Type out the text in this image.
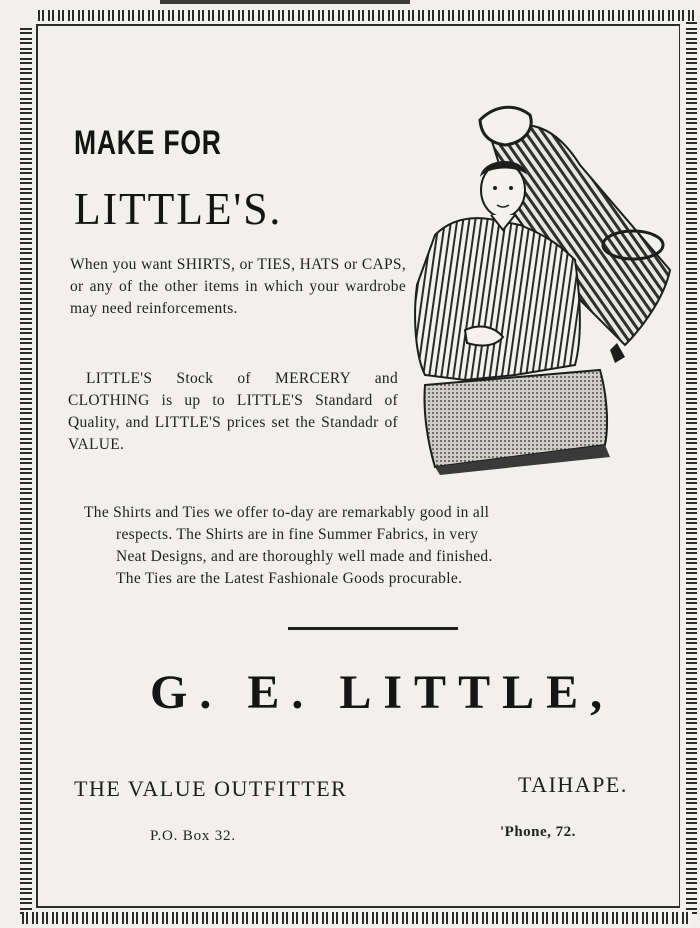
MAKE FOR
LITTLE'S.
When you want SHIRTS, or TIES, HATS or CAPS, or any of the other items in which your wardrobe may need reinforcements.
LITTLE'S Stock of MERCERY and CLOTHING is up to LITTLE'S Standard of Quality, and LITTLE'S prices set the Standadr of VALUE.
The Shirts and Ties we offer to-day are remarkably good in all
respects. The Shirts are in fine Summer Fabrics, in very
Neat Designs, and are thoroughly well made and finished.
The Ties are the Latest Fashionale Goods procurable.
G. E. LITTLE,
THE VALUE OUTFITTER	TAIHAPE.
P.O. Box 32.	'Phone, 72.
